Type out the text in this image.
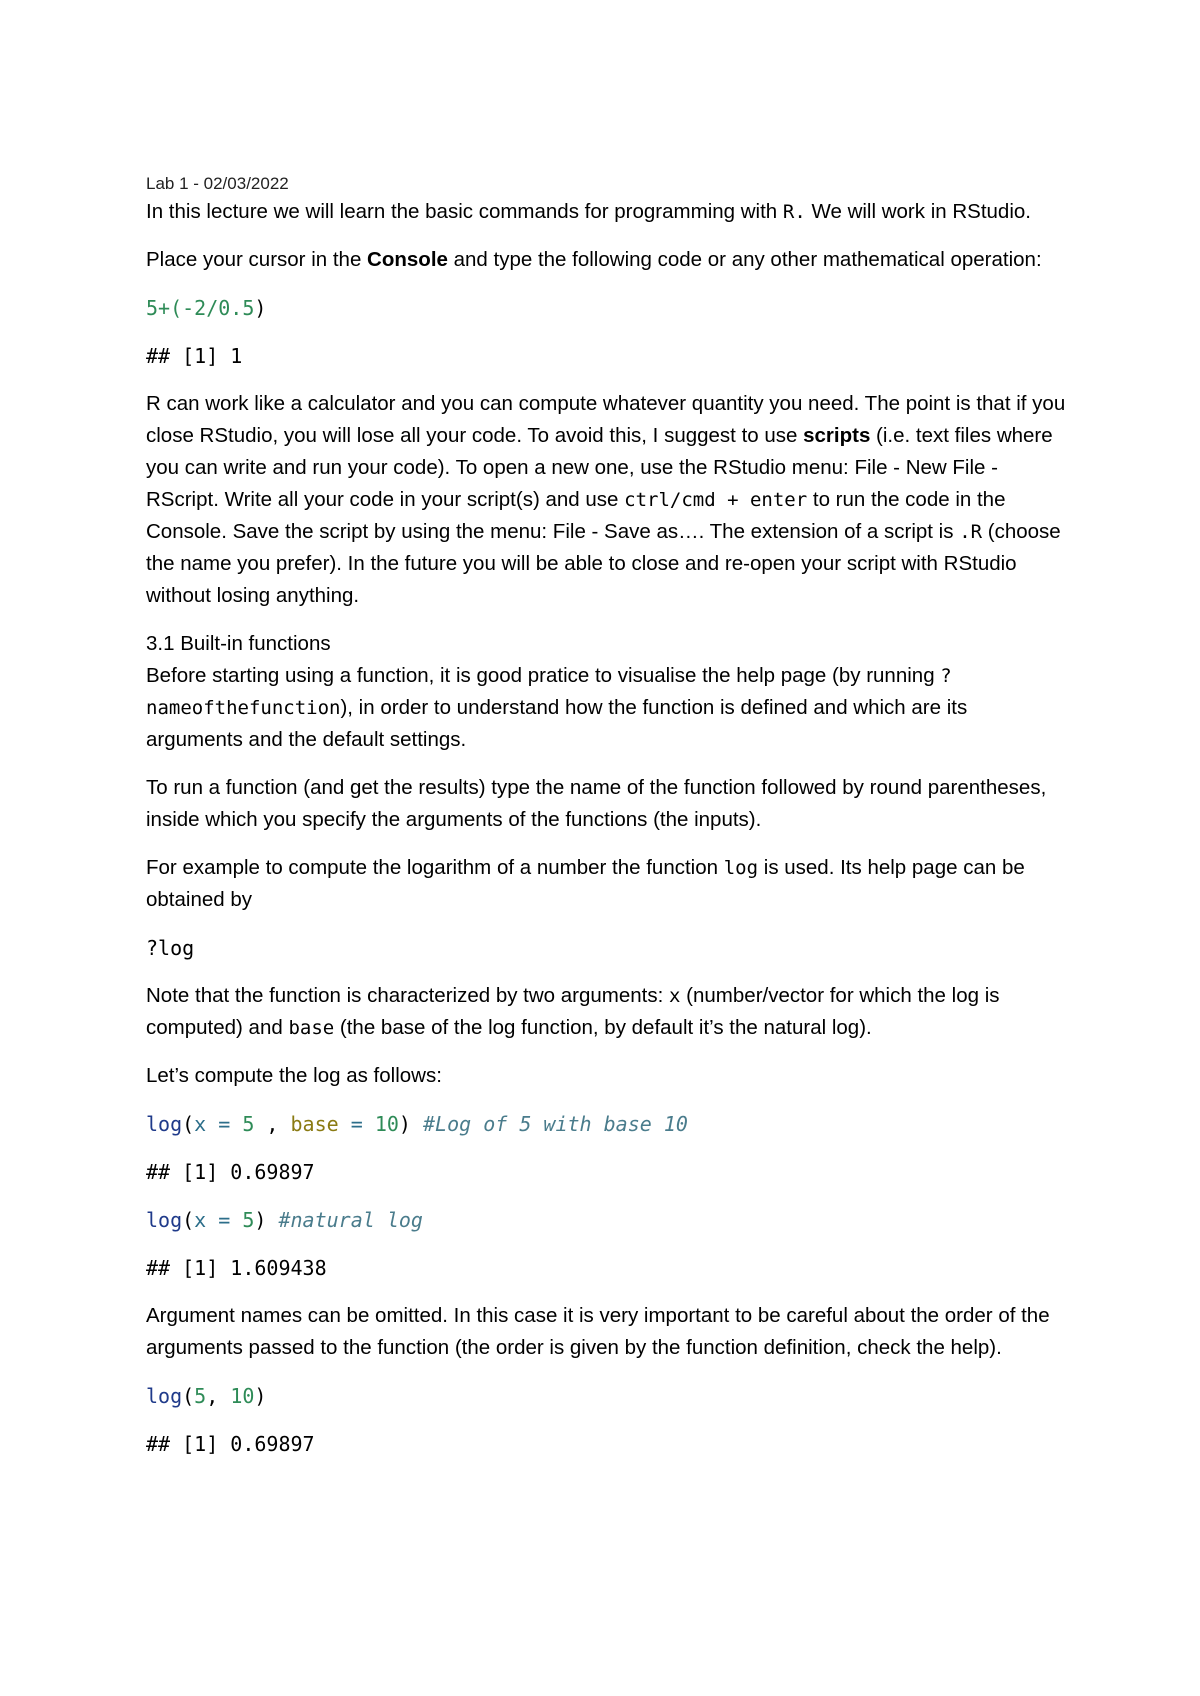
Lab 1 - 02/03/2022

In this lecture we will learn the basic commands for programming with R. We will work in RStudio.

Place your cursor in the Console and type the following code or any other mathematical operation:

5+(-2/0.5)
## [1] 1

R can work like a calculator and you can compute whatever quantity you need. The point is that if you close RStudio, you will lose all your code. To avoid this, I suggest to use scripts (i.e. text files where you can write and run your code). To open a new one, use the RStudio menu: File - New File - RScript. Write all your code in your script(s) and use ctrl/cmd + enter to run the code in the Console. Save the script by using the menu: File - Save as…. The extension of a script is .R (choose the name you prefer). In the future you will be able to close and re-open your script with RStudio without losing anything.

3.1 Built-in functions

Before starting using a function, it is good pratice to visualise the help page (by running ?nameofthefunction), in order to understand how the function is defined and which are its arguments and the default settings.

To run a function (and get the results) type the name of the function followed by round parentheses, inside which you specify the arguments of the functions (the inputs).

For example to compute the logarithm of a number the function log is used. Its help page can be obtained by

?log

Note that the function is characterized by two arguments: x (number/vector for which the log is computed) and base (the base of the log function, by default it’s the natural log).

Let’s compute the log as follows:

log(x = 5 , base = 10) #Log of 5 with base 10
## [1] 0.69897
log(x = 5) #natural log
## [1] 1.609438

Argument names can be omitted. In this case it is very important to be careful about the order of the arguments passed to the function (the order is given by the function definition, check the help).

log(5, 10)
## [1] 0.69897
